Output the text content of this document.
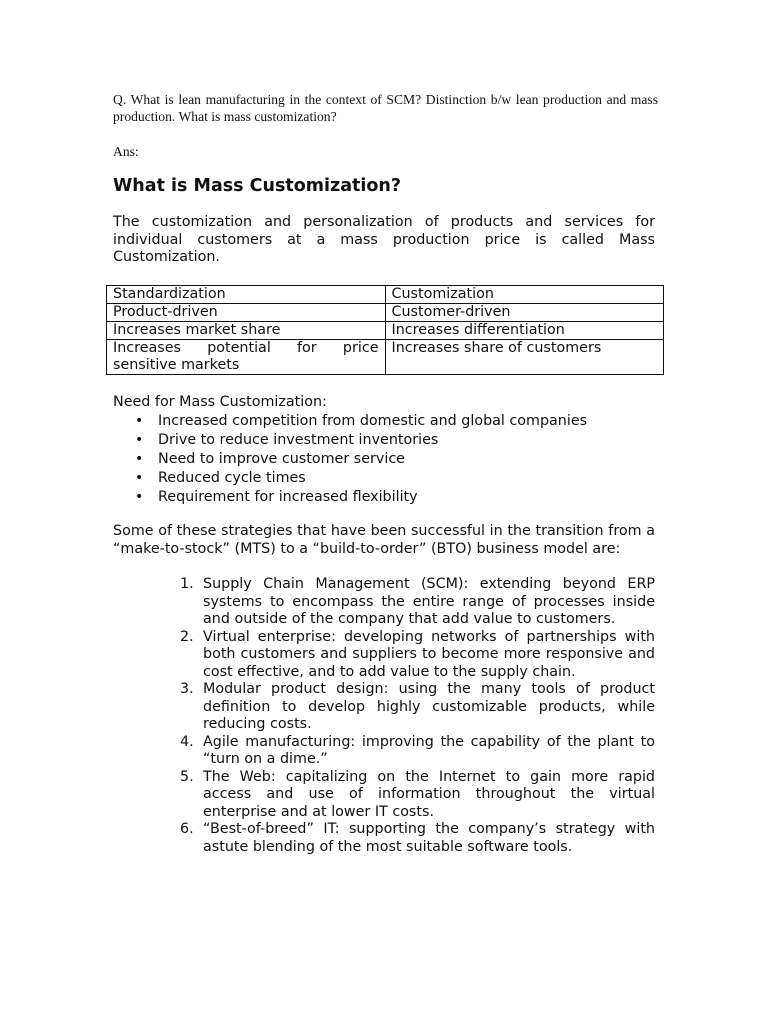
Q. What is lean manufacturing in the context of SCM? Distinction b/w lean production and mass production. What is mass customization?

Ans:

What is Mass Customization?

The customization and personalization of products and services for individual customers at a mass production price is called Mass Customization.

Standardization	Customization
Product-driven	Customer-driven
Increases market share	Increases differentiation
Increases potential for price sensitive markets	Increases share of customers

Need for Mass Customization:

• Increased competition from domestic and global companies
• Drive to reduce investment inventories
• Need to improve customer service
• Reduced cycle times
• Requirement for increased flexibility

Some of these strategies that have been successful in the transition from a “make-to-stock” (MTS) to a “build-to-order” (BTO) business model are:

1. Supply Chain Management (SCM): extending beyond ERP systems to encompass the entire range of processes inside and outside of the company that add value to customers.
2. Virtual enterprise: developing networks of partnerships with both customers and suppliers to become more responsive and cost effective, and to add value to the supply chain.
3. Modular product design: using the many tools of product definition to develop highly customizable products, while reducing costs.
4. Agile manufacturing: improving the capability of the plant to “turn on a dime.”
5. The Web: capitalizing on the Internet to gain more rapid access and use of information throughout the virtual enterprise and at lower IT costs.
6. “Best-of-breed” IT: supporting the company’s strategy with astute blending of the most suitable software tools.
